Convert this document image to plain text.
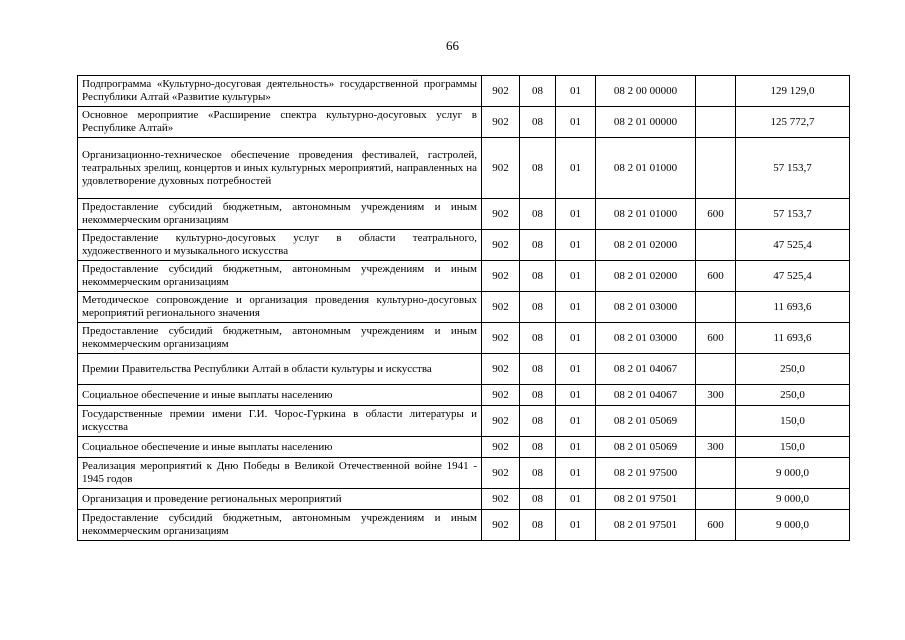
66
Подпрограмма «Культурно-досуговая деятельность» государственной программы Республики Алтай «Развитие культуры»	902	08	01	08 2 00 00000		129 129,0
Основное мероприятие «Расширение спектра культурно-досуговых услуг в Республике Алтай»	902	08	01	08 2 01 00000		125 772,7
Организационно-техническое обеспечение проведения фестивалей, гастролей, театральных зрелищ, концертов и иных культурных мероприятий, направленных на удовлетворение духовных потребностей	902	08	01	08 2 01 01000		57 153,7
Предоставление субсидий бюджетным, автономным учреждениям и иным некоммерческим организациям	902	08	01	08 2 01 01000	600	57 153,7
Предоставление культурно-досуговых услуг в области театрального, художественного и музыкального искусства	902	08	01	08 2 01 02000		47 525,4
Предоставление субсидий бюджетным, автономным учреждениям и иным некоммерческим организациям	902	08	01	08 2 01 02000	600	47 525,4
Методическое сопровождение и организация проведения культурно-досуговых мероприятий регионального значения	902	08	01	08 2 01 03000		11 693,6
Предоставление субсидий бюджетным, автономным учреждениям и иным некоммерческим организациям	902	08	01	08 2 01 03000	600	11 693,6
Премии Правительства Республики Алтай в области культуры и искусства	902	08	01	08 2 01 04067		250,0
Социальное обеспечение и иные выплаты населению	902	08	01	08 2 01 04067	300	250,0
Государственные премии имени Г.И. Чорос-Гуркина в области литературы и искусства	902	08	01	08 2 01 05069		150,0
Социальное обеспечение и иные выплаты населению	902	08	01	08 2 01 05069	300	150,0
Реализация мероприятий к Дню Победы в Великой Отечественной войне 1941 - 1945 годов	902	08	01	08 2 01 97500		9 000,0
Организация и проведение региональных мероприятий	902	08	01	08 2 01 97501		9 000,0
Предоставление субсидий бюджетным, автономным учреждениям и иным некоммерческим организациям	902	08	01	08 2 01 97501	600	9 000,0
